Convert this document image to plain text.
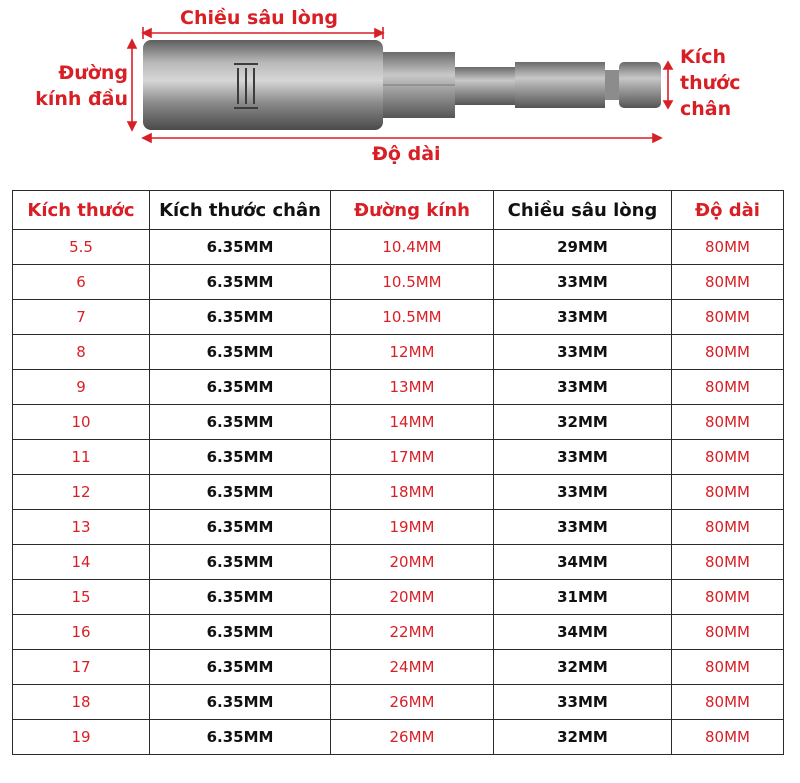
Chiều sâu lòng
Đường
kính đầu
Kích
thước
chân
Độ dài
Kích thước	Kích thước chân	Đường kính	Chiều sâu lòng	Độ dài
5.5	6.35MM	10.4MM	29MM	80MM
6	6.35MM	10.5MM	33MM	80MM
7	6.35MM	10.5MM	33MM	80MM
8	6.35MM	12MM	33MM	80MM
9	6.35MM	13MM	33MM	80MM
10	6.35MM	14MM	32MM	80MM
11	6.35MM	17MM	33MM	80MM
12	6.35MM	18MM	33MM	80MM
13	6.35MM	19MM	33MM	80MM
14	6.35MM	20MM	34MM	80MM
15	6.35MM	20MM	31MM	80MM
16	6.35MM	22MM	34MM	80MM
17	6.35MM	24MM	32MM	80MM
18	6.35MM	26MM	33MM	80MM
19	6.35MM	26MM	32MM	80MM
